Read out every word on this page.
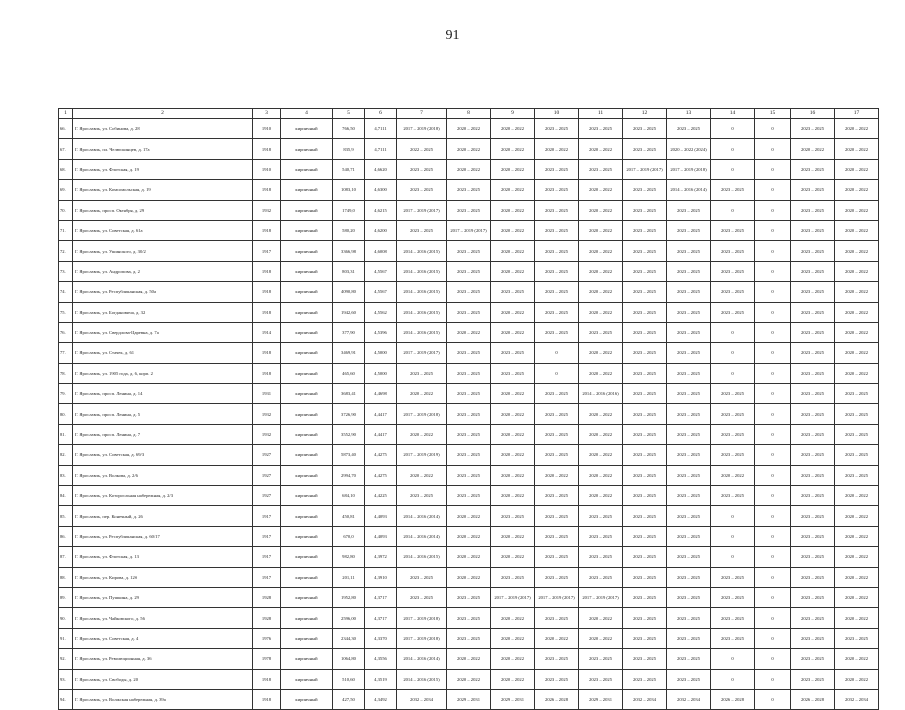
91
1	2	3	4	5	6	7	8	9	10	11	12	13	14	15	16	17
66.	Г. Ярославль, ул. Собинова, д. 28	1910	кирпичный	766,50	4,7111	2017 – 2019 (2018)	2020 – 2022	2020 – 2022	2023 – 2025	2023 – 2025	2023 – 2025	2023 – 2025	0	0	2023 – 2025	2020 – 2022
67.	Г. Ярославль, пл. Челюскинцев, д. 17а	1918	кирпичный	835,9	4,7111	2022 – 2025	2020 – 2022	2020 – 2022	2020 – 2022	2020 – 2022	2023 – 2025	2020 – 2022 (2024)	0	0	2020 – 2022	2020 – 2022
68.	Г. Ярославль, ул. Флотская, д. 19	1910	кирпичный	540,71	4,6620	2023 – 2025	2020 – 2022	2020 – 2022	2023 – 2025	2023 – 2025	2017 – 2019 (2017)	2017 – 2019 (2018)	0	0	2023 – 2025	2020 – 2022
69.	Г. Ярославль, ул. Комсомольская, д. 19	1918	кирпичный	1083,10	4,6300	2023 – 2025	2023 – 2025	2020 – 2022	2023 – 2025	2020 – 2022	2023 – 2025	2014 – 2016 (2014)	2023 – 2025	0	2023 – 2025	2020 – 2022
70.	Г. Ярославль, просп. Октября, д. 29	1932	кирпичный	1749,0	4,6215	2017 – 2019 (2017)	2023 – 2025	2020 – 2022	2023 – 2025	2020 – 2022	2023 – 2025	2023 – 2025	0	0	2023 – 2025	2020 – 2022
71.	Г. Ярославль, ул. Советская, д. 61а	1918	кирпичный	580,20	4,6200	2023 – 2025	2017 – 2019 (2017)	2020 – 2022	2023 – 2025	2020 – 2022	2023 – 2025	2023 – 2025	2023 – 2025	0	2023 – 2025	2020 – 2022
72.	Г. Ярославль, ул. Ушинского, д. 30/2	1917	кирпичный	3366,98	4,6008	2014 – 2016 (2015)	2023 – 2025	2020 – 2022	2023 – 2025	2020 – 2022	2023 – 2025	2023 – 2025	2023 – 2025	0	2023 – 2025	2020 – 2022
73.	Г. Ярославль, ул. Андропова, д. 2	1918	кирпичный	803,31	4,5567	2014 – 2016 (2015)	2023 – 2025	2020 – 2022	2023 – 2025	2020 – 2022	2023 – 2025	2023 – 2025	2023 – 2025	0	2023 – 2025	2020 – 2022
74.	Г. Ярославль, ул. Республиканская, д. 50а	1918	кирпичный	4090,80	4,5567	2014 – 2016 (2015)	2023 – 2025	2023 – 2025	2023 – 2025	2020 – 2022	2023 – 2025	2023 – 2025	2023 – 2025	0	2023 – 2025	2020 – 2022
75.	Г. Ярославль, ул. Богдановича, д. 32	1918	кирпичный	1942,60	4,5562	2014 – 2016 (2015)	2023 – 2025	2020 – 2022	2023 – 2025	2020 – 2022	2023 – 2025	2023 – 2025	2023 – 2025	0	2023 – 2025	2020 – 2022
76.	Г. Ярославль, ул. Свердлова-Царевна, д. 7а	1914	кирпичный	377,90	4,5396	2014 – 2016 (2015)	2020 – 2022	2020 – 2022	2023 – 2025	2023 – 2025	2023 – 2025	2023 – 2025	0	0	2023 – 2025	2020 – 2022
77.	Г. Ярославль, ул. Стачек, д. 61	1918	кирпичный	3469,91	4,5000	2017 – 2019 (2017)	2023 – 2025	2023 – 2025	0	2020 – 2022	2023 – 2025	2023 – 2025	0	0	2023 – 2025	2020 – 2022
78.	Г. Ярославль, ул. 1905 года, д. 6, корп. 2	1918	кирпичный	465,60	4,5000	2023 – 2025	2023 – 2025	2023 – 2025	0	2020 – 2022	2023 – 2025	2023 – 2025	0	0	2023 – 2025	2020 – 2022
79.	Г. Ярославль, просп. Ленина, д. 14	1931	кирпичный	3683,41	4,4698	2020 – 2022	2023 – 2025	2020 – 2022	2023 – 2025	2014 – 2016 (2016)	2023 – 2025	2023 – 2025	2023 – 2025	0	2023 – 2025	2023 – 2025
80.	Г. Ярославль, просп. Ленина, д. 5	1932	кирпичный	3726,90	4,4417	2017 – 2019 (2018)	2023 – 2025	2020 – 2022	2023 – 2025	2020 – 2022	2023 – 2025	2023 – 2025	2023 – 2025	0	2023 – 2025	2023 – 2025
81.	Г. Ярославль, просп. Ленина, д. 7	1932	кирпичный	3552,90	4,4417	2020 – 2022	2023 – 2025	2020 – 2022	2023 – 2025	2020 – 2022	2023 – 2025	2023 – 2025	2023 – 2025	0	2023 – 2025	2023 – 2025
82.	Г. Ярославль, ул. Советская, д. 69/3	1927	кирпичный	5873,40	4,4275	2017 – 2019 (2019)	2023 – 2025	2020 – 2022	2023 – 2025	2020 – 2022	2023 – 2025	2023 – 2025	2023 – 2025	0	2023 – 2025	2023 – 2025
83.	Г. Ярославль, ул. Волкова, д. 2/6	1927	кирпичный	2994,70	4,4275	2020 – 2022	2023 – 2025	2020 – 2022	2020 – 2022	2020 – 2022	2023 – 2025	2023 – 2025	2020 – 2022	0	2023 – 2025	2023 – 2025
84.	Г. Ярославль, ул. Которосльная набережная, д. 2/3	1927	кирпичный	684,10	4,4225	2023 – 2025	2023 – 2025	2020 – 2022	2023 – 2025	2020 – 2022	2023 – 2025	2023 – 2025	2023 – 2025	0	2023 – 2025	2020 – 2022
85.	Г. Ярославль, пер. Конечный, д. 26	1917	кирпичный	450,81	4,4093	2014 – 2016 (2014)	2020 – 2022	2023 – 2025	2023 – 2025	2023 – 2025	2023 – 2025	2023 – 2025	0	0	2023 – 2025	2020 – 2022
86.	Г. Ярославль, ул. Республиканская, д. 60/17	1917	кирпичный	670,0	4,4093	2014 – 2016 (2014)	2020 – 2022	2020 – 2022	2023 – 2025	2023 – 2025	2023 – 2025	2023 – 2025	0	0	2023 – 2025	2020 – 2022
87.	Г. Ярославль, ул. Флотская, д. 13	1917	кирпичный	982,80	4,3972	2014 – 2016 (2015)	2020 – 2022	2020 – 2022	2023 – 2025	2023 – 2025	2023 – 2025	2023 – 2025	0	0	2023 – 2025	2020 – 2022
88.	Г. Ярославль, ул. Кирова, д. 12б	1917	кирпичный	201,11	4,3910	2023 – 2025	2020 – 2022	2023 – 2025	2023 – 2025	2023 – 2025	2023 – 2025	2023 – 2025	2023 – 2025	0	2023 – 2025	2020 – 2022
89.	Г. Ярославль, ул. Пушкина, д. 29	1928	кирпичный	1952,80	4,3717	2023 – 2025	2023 – 2025	2017 – 2019 (2017)	2017 – 2019 (2017)	2017 – 2019 (2017)	2023 – 2025	2023 – 2025	2023 – 2025	0	2023 – 2025	2020 – 2022
90.	Г. Ярославль, ул. Чайковского, д. 56	1928	кирпичный	2596,00	4,3717	2017 – 2019 (2018)	2023 – 2025	2020 – 2022	2023 – 2025	2020 – 2022	2023 – 2025	2023 – 2025	2023 – 2025	0	2023 – 2025	2020 – 2022
91.	Г. Ярославль, ул. Советская, д. 4	1976	кирпичный	2344,30	4,3370	2017 – 2019 (2018)	2023 – 2025	2020 – 2022	2020 – 2022	2020 – 2022	2023 – 2025	2023 – 2025	2023 – 2025	0	2023 – 2025	2023 – 2025
92.	Г. Ярославль, ул. Революционная, д. 36	1978	кирпичный	1064,80	4,3556	2014 – 2016 (2014)	2020 – 2022	2020 – 2022	2023 – 2025	2023 – 2025	2023 – 2025	2023 – 2025	0	0	2023 – 2025	2020 – 2022
93.	Г. Ярославль, ул. Свободы, д. 20	1918	кирпичный	510,60	4,3519	2014 – 2016 (2015)	2020 – 2022	2020 – 2022	2023 – 2025	2023 – 2025	2023 – 2025	2023 – 2025	0	0	2023 – 2025	2020 – 2022
94.	Г. Ярославль, ул. Волжская набережная, д. 39а	1918	кирпичный	427,50	4,3492	2032 – 2034	2029 – 2031	2029 – 2031	2026 – 2028	2029 – 2031	2032 – 2034	2032 – 2034	2026 – 2028	0	2026 – 2028	2032 – 2034
